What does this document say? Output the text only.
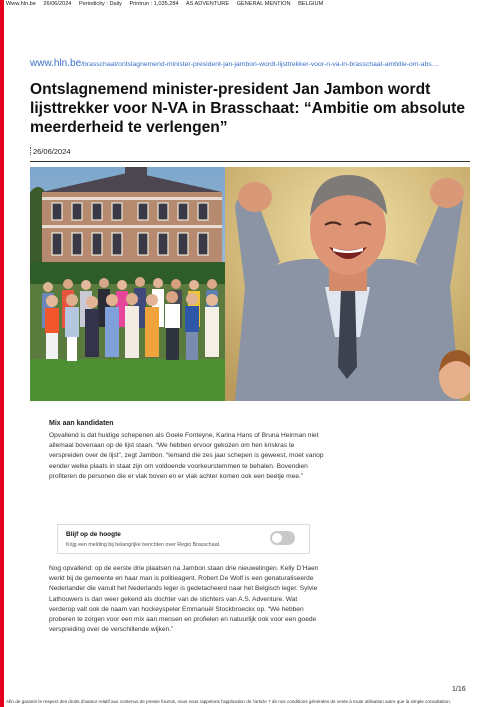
Www.hln.be 26/06/2024 Periodicity : Daily Printrun : 1,035,284 AS ADVENTURE GENERAL MENTION BELGIUM
www.hln.be/brasschaat/ontslagnemend-minister-president-jan-jambon-wordt-lijsttrekker-voor-n-va-in-brasschaat-ambitie-om-abs…
Ontslagnemend minister-president Jan Jambon wordt lijsttrekker voor N-VA in Brasschaat: “Ambitie om absolute meerderheid te verlengen”
26/06/2024
Mix aan kandidaten

Opvallend is dat huidige schepenen als Goele Fonteyne, Karina Hans of Bruna Heirman niet allemaal bovenaan op de lijst staan. “We hebben ervoor gekozen om hen kriskras te verspreiden over de lijst”, zegt Jambon. “Iemand die zes jaar schepen is geweest, moet vanop eender welke plaats in staat zijn om voldoende voorkeurstemmen te behalen. Bovendien profiteren de personen die er vlak boven en er vlak achter komen ook een beetje mee.”

Blijf op de hoogte
Krijg een melding bij belangrijke berichten over Regio Brasschaat.

Nog opvallend: op de eerste drie plaatsen na Jambon staan drie nieuwelingen. Kelly D’Haen werkt bij de gemeente en haar man is politieagent. Robert De Wolf is een genaturaliseerde Nederlander die vanuit het Nederlands leger is gedetacheerd naar het Belgisch leger. Sylvie Lathouwers is dan weer gekend als dochter van de stichters van A.S. Adventure. Wat verderop valt ook de naam van hockeyspeler Emmanuël Stockbroeckx op. “We hebben proberen te zorgen voor een mix aan mensen en profielen en natuurlijk ook voor een goede verspreiding over de verschillende wijken.”

1/16
Afin de garantir le respect des droits d'auteur relatif aux contenus de presse fournis, nous vous rappelons l'application de l'article 7 de nos conditions générales de vente à toute utilisation autre que la simple consultation.
